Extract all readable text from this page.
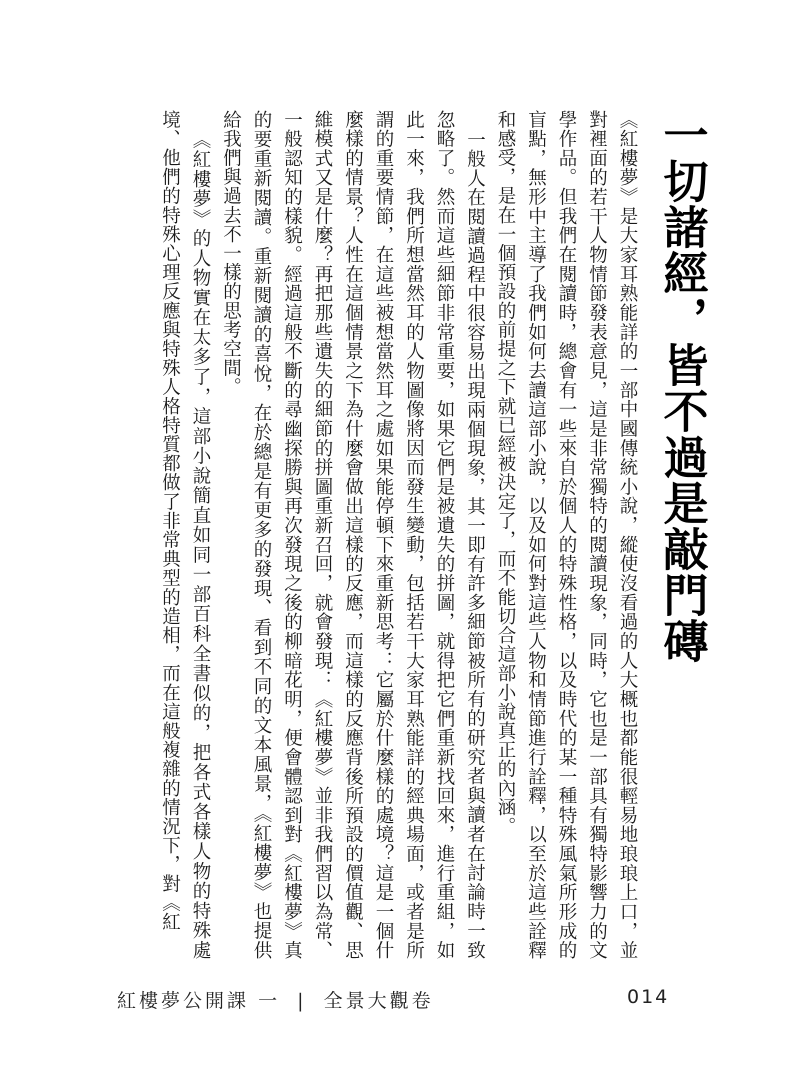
一切諸經，皆不過是敲門磚

《紅樓夢》是大家耳熟能詳的一部中國傳統小說，縱使沒看過的人大概也都能很輕易地琅琅上口，並對裡面的若干人物情節發表意見，這是非常獨特的閱讀現象，同時，它也是一部具有獨特影響力的文學作品。但我們在閱讀時，總會有一些來自於個人的特殊性格，以及時代的某一種特殊風氣所形成的盲點，無形中主導了我們如何去讀這部小說，以及如何對這些人物和情節進行詮釋，以至於這些詮釋和感受，是在一個預設的前提之下就已經被決定了，而不能切合這部小說真正的內涵。

一般人在閱讀過程中很容易出現兩個現象，其一即有許多細節被所有的研究者與讀者在討論時一致忽略了。然而這些細節非常重要，如果它們是被遺失的拼圖，就得把它們重新找回來，進行重組，如此一來，我們所想當然耳的人物圖像將因而發生變動，包括若干大家耳熟能詳的經典場面，或者是所謂的重要情節，在這些被想當然耳之處如果能停頓下來重新思考：它屬於什麼樣的處境？這是一個什麼樣的情景？人性在這個情景之下為什麼會做出這樣的反應，而這樣的反應背後所預設的價值觀、思維模式又是什麼？再把那些遺失的細節的拼圖重新召回，就會發現：《紅樓夢》並非我們習以為常、一般認知的樣貌。經過這般不斷的尋幽探勝與再次發現之後的柳暗花明，便會體認到對《紅樓夢》真的要重新閱讀。重新閱讀的喜悅，在於總是有更多的發現、看到不同的文本風景，《紅樓夢》也提供給我們與過去不一樣的思考空間。

《紅樓夢》的人物實在太多了，這部小說簡直如同一部百科全書似的，把各式各樣人物的特殊處境、他們的特殊心理反應與特殊人格特質都做了非常典型的造相，而在這般複雜的情況下，對《紅

紅樓夢公開課 一 | 全景大觀卷	014
